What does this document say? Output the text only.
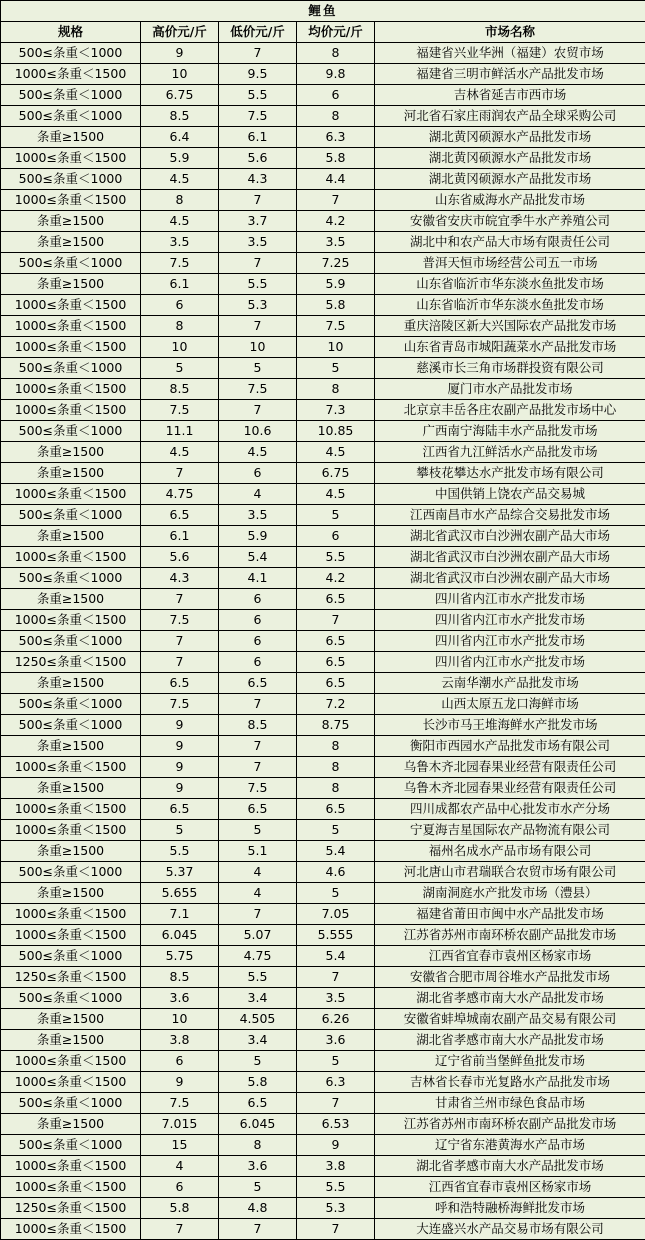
鲤鱼				
规格	高价元/斤	低价元/斤	均价元/斤	市场名称
500≤条重＜1000	9	7	8	福建省兴业华洲（福建）农贸市场
1000≤条重＜1500	10	9.5	9.8	福建省三明市鲜活水产品批发市场
500≤条重＜1000	6.75	5.5	6	吉林省延吉市西市场
500≤条重＜1000	8.5	7.5	8	河北省石家庄雨润农产品全球采购公司
条重≥1500	6.4	6.1	6.3	湖北黄冈硕源水产品批发市场
1000≤条重＜1500	5.9	5.6	5.8	湖北黄冈硕源水产品批发市场
500≤条重＜1000	4.5	4.3	4.4	湖北黄冈硕源水产品批发市场
1000≤条重＜1500	8	7	7	山东省威海水产品批发市场
条重≥1500	4.5	3.7	4.2	安徽省安庆市皖宜季牛水产养殖公司
条重≥1500	3.5	3.5	3.5	湖北中和农产品大市场有限责任公司
500≤条重＜1000	7.5	7	7.25	普洱天恒市场经营公司五一市场
条重≥1500	6.1	5.5	5.9	山东省临沂市华东淡水鱼批发市场
1000≤条重＜1500	6	5.3	5.8	山东省临沂市华东淡水鱼批发市场
1000≤条重＜1500	8	7	7.5	重庆涪陵区新大兴国际农产品批发市场
1000≤条重＜1500	10	10	10	山东省青岛市城阳蔬菜水产品批发市场
500≤条重＜1000	5	5	5	慈溪市长三角市场群投资有限公司
1000≤条重＜1500	8.5	7.5	8	厦门市水产品批发市场
1000≤条重＜1500	7.5	7	7.3	北京京丰岳各庄农副产品批发市场中心
500≤条重＜1000	11.1	10.6	10.85	广西南宁海陆丰水产品批发市场
条重≥1500	4.5	4.5	4.5	江西省九江鲜活水产品批发市场
条重≥1500	7	6	6.75	攀枝花攀达水产批发市场有限公司
1000≤条重＜1500	4.75	4	4.5	中国供销上饶农产品交易城
500≤条重＜1000	6.5	3.5	5	江西南昌市水产品综合交易批发市场
条重≥1500	6.1	5.9	6	湖北省武汉市白沙洲农副产品大市场
1000≤条重＜1500	5.6	5.4	5.5	湖北省武汉市白沙洲农副产品大市场
500≤条重＜1000	4.3	4.1	4.2	湖北省武汉市白沙洲农副产品大市场
条重≥1500	7	6	6.5	四川省内江市水产批发市场
1000≤条重＜1500	7.5	6	7	四川省内江市水产批发市场
500≤条重＜1000	7	6	6.5	四川省内江市水产批发市场
1250≤条重＜1500	7	6	6.5	四川省内江市水产批发市场
条重≥1500	6.5	6.5	6.5	云南华潮水产品批发市场
500≤条重＜1000	7.5	7	7.2	山西太原五龙口海鲜市场
500≤条重＜1000	9	8.5	8.75	长沙市马王堆海鲜水产批发市场
条重≥1500	9	7	8	衡阳市西园水产品批发市场有限公司
1000≤条重＜1500	9	7	8	乌鲁木齐北园春果业经营有限责任公司
条重≥1500	9	7.5	8	乌鲁木齐北园春果业经营有限责任公司
1000≤条重＜1500	6.5	6.5	6.5	四川成都农产品中心批发市水产分场
1000≤条重＜1500	5	5	5	宁夏海吉星国际农产品物流有限公司
条重≥1500	5.5	5.1	5.4	福州名成水产品市场有限公司
500≤条重＜1000	5.37	4	4.6	河北唐山市君瑞联合农贸市场有限公司
条重≥1500	5.655	4	5	湖南洞庭水产批发市场（澧县）
1000≤条重＜1500	7.1	7	7.05	福建省莆田市闽中水产品批发市场
1000≤条重＜1500	6.045	5.07	5.555	江苏省苏州市南环桥农副产品批发市场
500≤条重＜1000	5.75	4.75	5.4	江西省宜春市袁州区杨家市场
1250≤条重＜1500	8.5	5.5	7	安徽省合肥市周谷堆水产品批发市场
500≤条重＜1000	3.6	3.4	3.5	湖北省孝感市南大水产品批发市场
条重≥1500	10	4.505	6.26	安徽省蚌埠城南农副产品交易有限公司
条重≥1500	3.8	3.4	3.6	湖北省孝感市南大水产品批发市场
1000≤条重＜1500	6	5	5	辽宁省前当堡鲜鱼批发市场
1000≤条重＜1500	9	5.8	6.3	吉林省长春市光复路水产品批发市场
500≤条重＜1000	7.5	6.5	7	甘肃省兰州市绿色食品市场
条重≥1500	7.015	6.045	6.53	江苏省苏州市南环桥农副产品批发市场
500≤条重＜1000	15	8	9	辽宁省东港黄海水产品市场
1000≤条重＜1500	4	3.6	3.8	湖北省孝感市南大水产品批发市场
1000≤条重＜1500	6	5	5.5	江西省宜春市袁州区杨家市场
1250≤条重＜1500	5.8	4.8	5.3	呼和浩特融桥海鲜批发市场
1000≤条重＜1500	7	7	7	大连盛兴水产品交易市场有限公司
